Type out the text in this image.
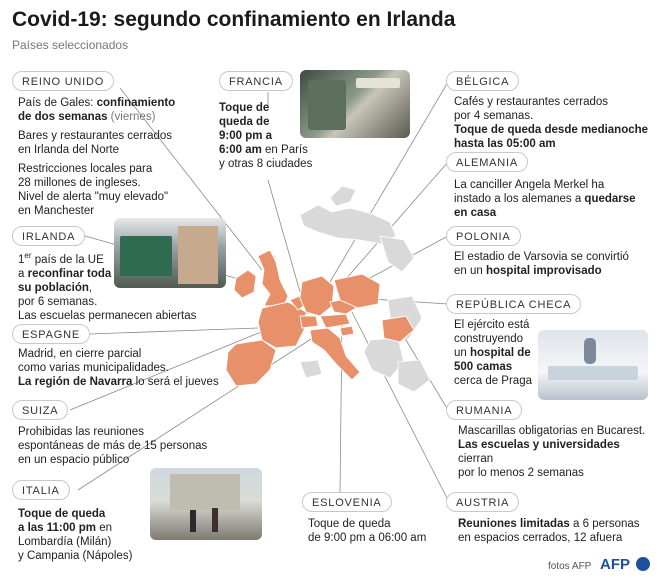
Covid-19: segundo confinamiento en Irlanda
Países seleccionados
REINO UNIDO
País de Gales: confinamiento
de dos semanas (viernes)
Bares y restaurantes cerrados
en Irlanda del Norte
Restricciones locales para
28 millones de ingleses.
Nivel de alerta "muy elevado"
en Manchester
FRANCIA
Toque de
queda de
9:00 pm a
6:00 am en París
y otras 8 ciudades
BÉLGICA
Cafés y restaurantes cerrados
por 4 semanas.
Toque de queda desde medianoche
hasta las 05:00 am
ALEMANIA
La canciller Angela Merkel ha
instado a los alemanes a quedarse
en casa
IRLANDA
1er país de la UE
a reconfinar toda
su población,
por 6 semanas.
Las escuelas permanecen abiertas
POLONIA
El estadio de Varsovia se convirtió
en un hospital improvisado
ESPAGNE
Madrid, en cierre parcial
como varias municipalidades.
La región de Navarra lo será el jueves
REPÚBLICA CHECA
El ejército está
construyendo
un hospital de
500 camas
cerca de Praga
SUIZA
Prohibidas las reuniones
espontáneas de más de 15 personas
en un espacio público
RUMANIA
Mascarillas obligatorias en Bucarest.
Las escuelas y universidades cierran
por lo menos 2 semanas
ITALIA
Toque de queda
a las 11:00 pm en
Lombardía (Milán)
y Campania (Nápoles)
ESLOVENIA
Toque de queda
de 9:00 pm a 06:00 am
AUSTRIA
Reuniones limitadas a 6 personas
en espacios cerrados, 12 afuera
fotos AFP AFP
